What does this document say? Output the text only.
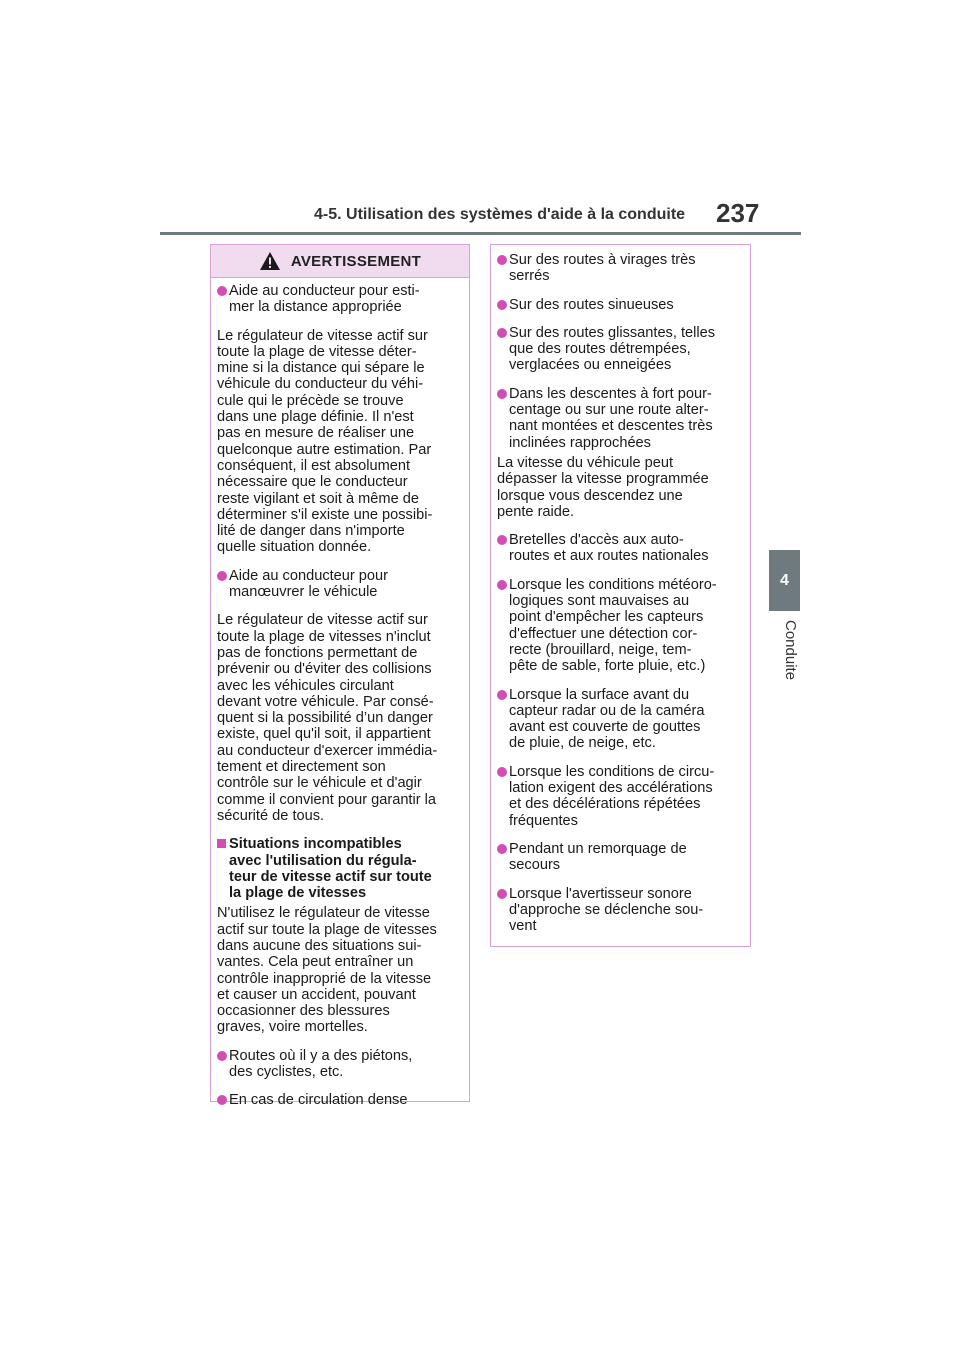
4-5. Utilisation des systèmes d'aide à la conduite 237
4
Conduite
AVERTISSEMENT
Aide au conducteur pour esti-
mer la distance appropriée
Le régulateur de vitesse actif sur
toute la plage de vitesse déter-
mine si la distance qui sépare le
véhicule du conducteur du véhi-
cule qui le précède se trouve
dans une plage définie. Il n'est
pas en mesure de réaliser une
quelconque autre estimation. Par
conséquent, il est absolument
nécessaire que le conducteur
reste vigilant et soit à même de
déterminer s'il existe une possibi-
lité de danger dans n'importe
quelle situation donnée.
Aide au conducteur pour
manœuvrer le véhicule
Le régulateur de vitesse actif sur
toute la plage de vitesses n'inclut
pas de fonctions permettant de
prévenir ou d'éviter des collisions
avec les véhicules circulant
devant votre véhicule. Par consé-
quent si la possibilité d’un danger
existe, quel qu'il soit, il appartient
au conducteur d'exercer immédia-
tement et directement son
contrôle sur le véhicule et d'agir
comme il convient pour garantir la
sécurité de tous.
Situations incompatibles
avec l'utilisation du régula-
teur de vitesse actif sur toute
la plage de vitesses
N'utilisez le régulateur de vitesse
actif sur toute la plage de vitesses
dans aucune des situations sui-
vantes. Cela peut entraîner un
contrôle inapproprié de la vitesse
et causer un accident, pouvant
occasionner des blessures
graves, voire mortelles.
Routes où il y a des piétons,
des cyclistes, etc.
En cas de circulation dense
Sur des routes à virages très
serrés
Sur des routes sinueuses
Sur des routes glissantes, telles
que des routes détrempées,
verglacées ou enneigées
Dans les descentes à fort pour-
centage ou sur une route alter-
nant montées et descentes très
inclinées rapprochées
La vitesse du véhicule peut
dépasser la vitesse programmée
lorsque vous descendez une
pente raide.
Bretelles d'accès aux auto-
routes et aux routes nationales
Lorsque les conditions météoro-
logiques sont mauvaises au
point d'empêcher les capteurs
d'effectuer une détection cor-
recte (brouillard, neige, tem-
pête de sable, forte pluie, etc.)
Lorsque la surface avant du
capteur radar ou de la caméra
avant est couverte de gouttes
de pluie, de neige, etc.
Lorsque les conditions de circu-
lation exigent des accélérations
et des décélérations répétées
fréquentes
Pendant un remorquage de
secours
Lorsque l'avertisseur sonore
d'approche se déclenche sou-
vent
